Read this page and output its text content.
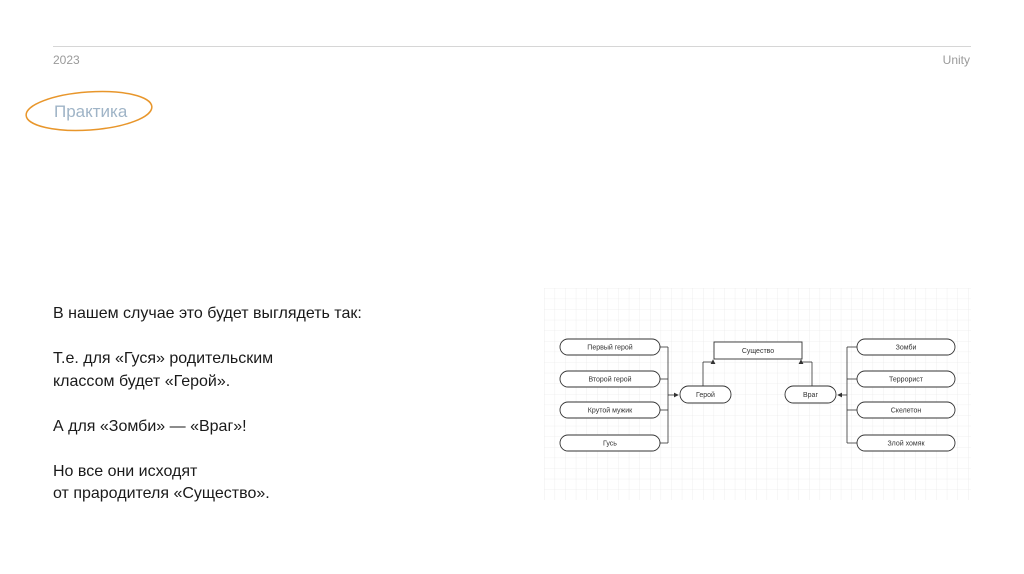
2023	Unity
Практика

В нашем случае это будет выглядеть так:

Т.е. для «Гуся» родительским

классом будет «Герой».

А для «Зомби» — «Враг»!

Но все они исходят

от прародителя «Существо».

Существо
Герой	Враг
Первый герой
Второй герой
Крутой мужик
Гусь
Зомби
Террорист
Скелетон
Злой хомяк
